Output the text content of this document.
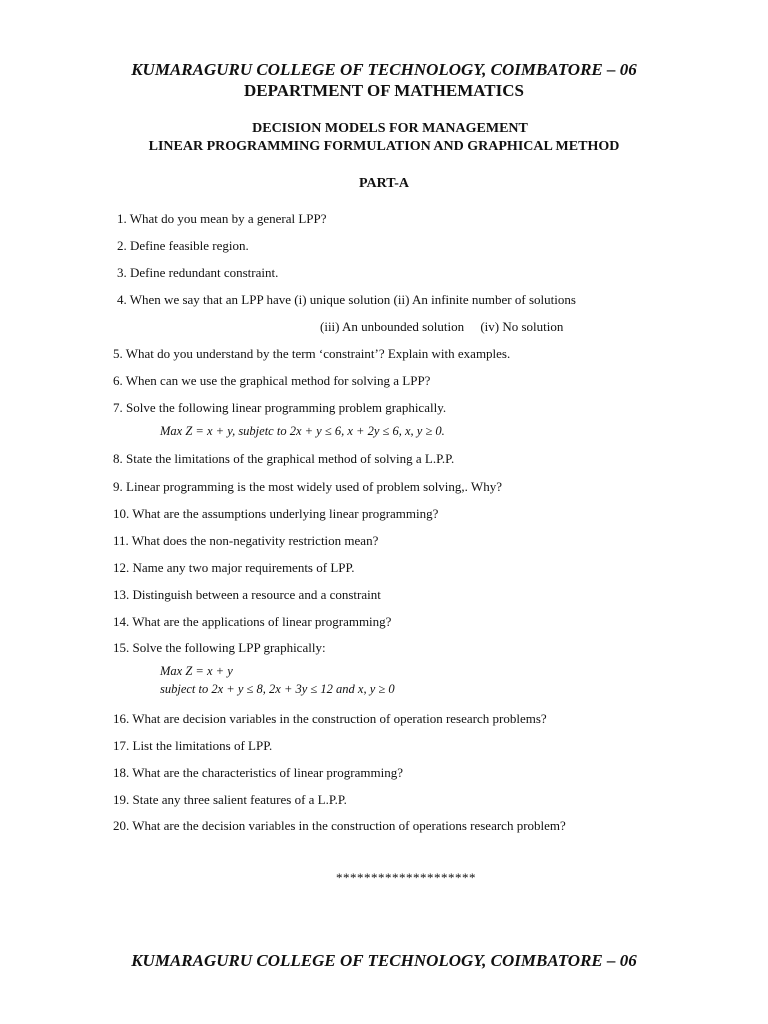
KUMARAGURU COLLEGE OF TECHNOLOGY, COIMBATORE – 06
DEPARTMENT OF MATHEMATICS
DECISION MODELS FOR MANAGEMENT
LINEAR PROGRAMMING FORMULATION AND GRAPHICAL METHOD
PART-A
1. What do you mean by a general LPP?
2. Define feasible region.
3. Define redundant constraint.
4. When we say that an LPP have (i) unique solution (ii) An infinite number of solutions
(iii) An unbounded solution     (iv) No solution
5. What do you understand by the term ‘constraint’? Explain with examples.
6. When can we use the graphical method for solving a LPP?
7. Solve the following linear programming problem graphically.
Max Z = x + y, subjetc to 2x + y ≤ 6, x + 2y ≤ 6, x, y ≥ 0.
8. State the limitations of the graphical method of solving a L.P.P.
9. Linear programming is the most widely used of problem solving,. Why?
10. What are the assumptions underlying linear programming?
11. What does the non-negativity restriction mean?
12. Name any two major requirements of LPP.
13. Distinguish between a resource and a constraint
14. What are the applications of linear programming?
15. Solve the following LPP graphically:
Max Z = x + y
subject to 2x + y ≤ 8, 2x + 3y ≤ 12 and x, y ≥ 0
16. What are decision variables in the construction of operation research problems?
17. List the limitations of LPP.
18. What are the characteristics of linear programming?
19. State any three salient features of a L.P.P.
20. What are the decision variables in the construction of operations research problem?
********************
KUMARAGURU COLLEGE OF TECHNOLOGY, COIMBATORE – 06
